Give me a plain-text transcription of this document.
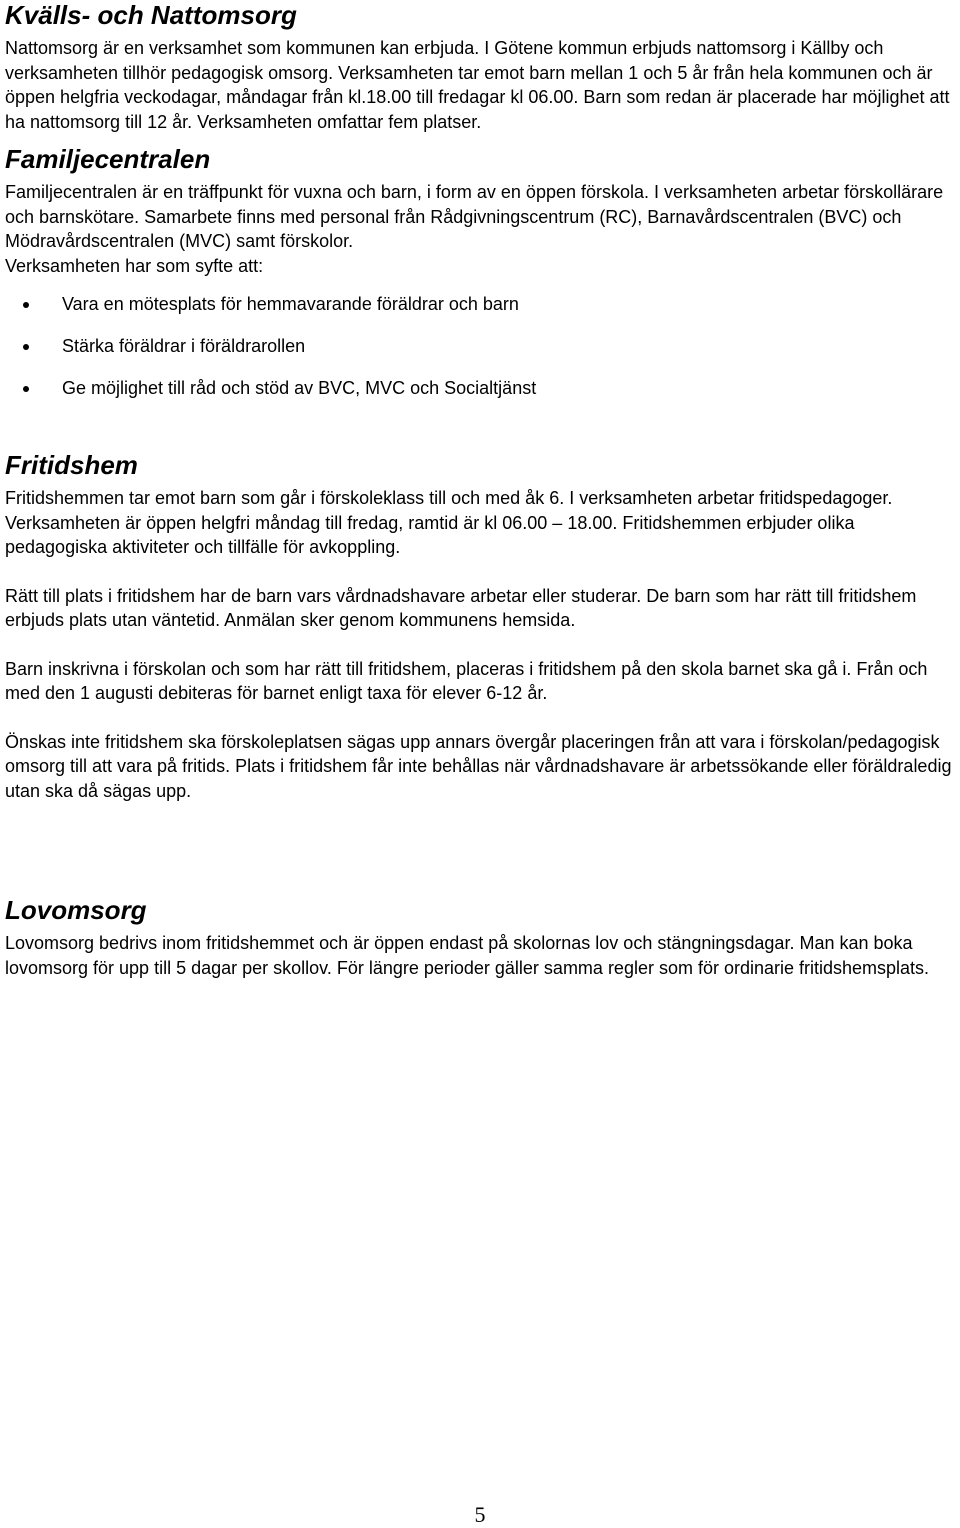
Kvälls- och Nattomsorg

Nattomsorg är en verksamhet som kommunen kan erbjuda. I Götene kommun erbjuds nattomsorg i Källby och verksamheten tillhör pedagogisk omsorg. Verksamheten tar emot barn mellan 1 och 5 år från hela kommunen och är öppen helgfria veckodagar, måndagar från kl.18.00 till fredagar kl 06.00. Barn som redan är placerade har möjlighet att ha nattomsorg till 12 år. Verksamheten omfattar fem platser.

Familjecentralen

Familjecentralen är en träffpunkt för vuxna och barn, i form av en öppen förskola. I verksamheten arbetar förskollärare och barnskötare. Samarbete finns med personal från Rådgivningscentrum (RC), Barnavårdscentralen (BVC) och Mödravårdscentralen (MVC) samt förskolor.

Verksamheten har som syfte att:

Vara en mötesplats för hemmavarande föräldrar och barn
Stärka föräldrar i föräldrarollen
Ge möjlighet till råd och stöd av BVC, MVC och Socialtjänst
Fritidshem

Fritidshemmen tar emot barn som går i förskoleklass till och med åk 6. I verksamheten arbetar fritidspedagoger. Verksamheten är öppen helgfri måndag till fredag, ramtid är kl 06.00 – 18.00. Fritidshemmen erbjuder olika pedagogiska aktiviteter och tillfälle för avkoppling.

Rätt till plats i fritidshem har de barn vars vårdnadshavare arbetar eller studerar. De barn som har rätt till fritidshem erbjuds plats utan väntetid. Anmälan sker genom kommunens hemsida.

Barn inskrivna i förskolan och som har rätt till fritidshem, placeras i fritidshem på den skola barnet ska gå i. Från och med den 1 augusti debiteras för barnet enligt taxa för elever 6-12 år.

Önskas inte fritidshem ska förskoleplatsen sägas upp annars övergår placeringen från att vara i förskolan/pedagogisk omsorg till att vara på fritids. Plats i fritidshem får inte behållas när vårdnadshavare är arbetssökande eller föräldraledig utan ska då sägas upp.

Lovomsorg

Lovomsorg bedrivs inom fritidshemmet och är öppen endast på skolornas lov och stängningsdagar. Man kan boka lovomsorg för upp till 5 dagar per skollov. För längre perioder gäller samma regler som för ordinarie fritidshemsplats.

5
